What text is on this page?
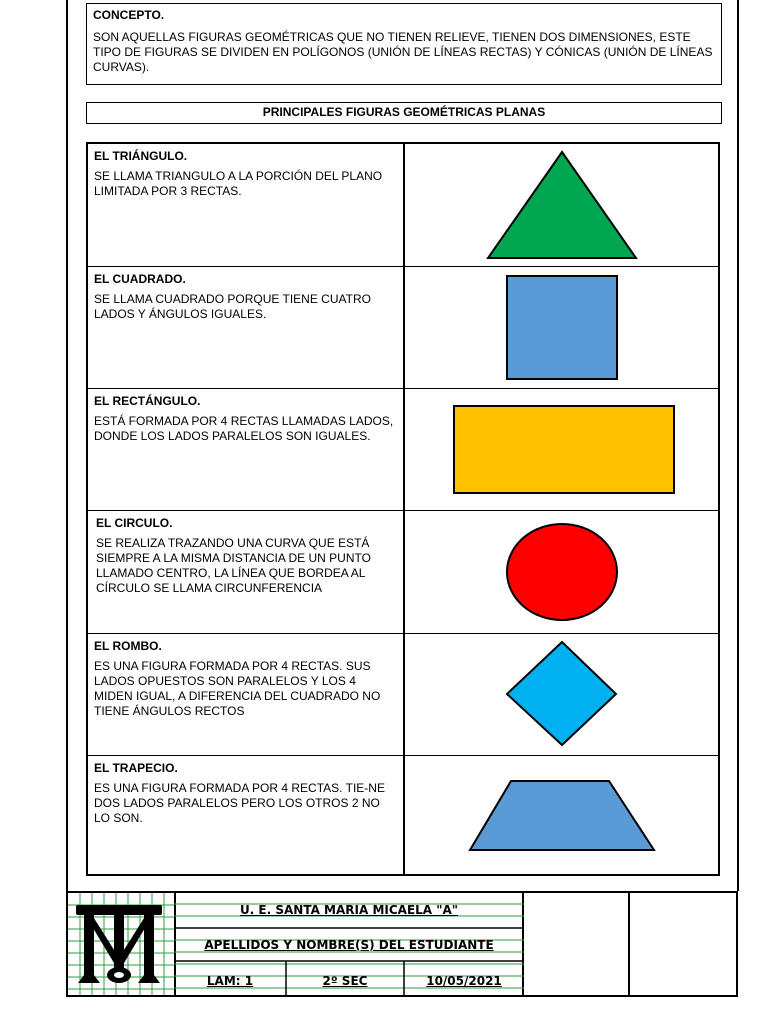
CONCEPTO.
SON AQUELLAS FIGURAS GEOMÉTRICAS QUE NO TIENEN RELIEVE, TIENEN DOS DIMENSIONES, ESTE TIPO DE FIGURAS SE DIVIDEN EN POLÍGONOS (UNIÓN DE LÍNEAS RECTAS) Y CÓNICAS (UNIÓN DE LÍNEAS CURVAS).
PRINCIPALES FIGURAS GEOMÉTRICAS PLANAS
EL TRIÁNGULO.
SE LLAMA TRIANGULO A LA PORCIÓN DEL PLANO LIMITADA POR 3 RECTAS.
EL CUADRADO.
SE LLAMA CUADRADO PORQUE TIENE CUATRO LADOS Y ÁNGULOS IGUALES.
EL RECTÁNGULO.
ESTÁ FORMADA POR 4 RECTAS LLAMADAS LADOS, DONDE LOS LADOS PARALELOS SON IGUALES.
EL CIRCULO.
SE REALIZA TRAZANDO UNA CURVA QUE ESTÁ SIEMPRE A LA MISMA DISTANCIA DE UN PUNTO LLAMADO CENTRO, LA LÍNEA QUE BORDEA AL CÍRCULO SE LLAMA CIRCUNFERENCIA
EL ROMBO.
ES UNA FIGURA FORMADA POR 4 RECTAS. SUS LADOS OPUESTOS SON PARALELOS Y LOS 4 MIDEN IGUAL, A DIFERENCIA DEL CUADRADO NO TIENE ÁNGULOS RECTOS
EL TRAPECIO.
ES UNA FIGURA FORMADA POR 4 RECTAS. TIE-NE DOS LADOS PARALELOS PERO LOS OTROS 2 NO LO SON.
U. E. SANTA MARIA MICAELA "A"
APELLIDOS Y NOMBRE(S) DEL ESTUDIANTE
LAM: 1	2º SEC	10/05/2021
